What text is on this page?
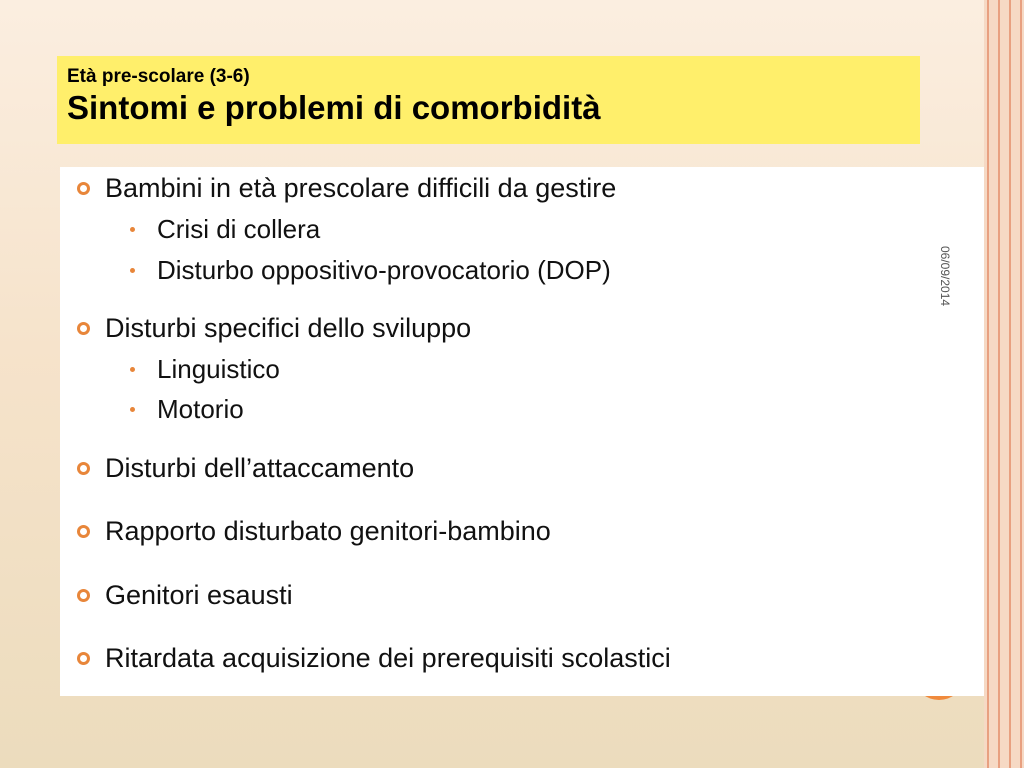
Età pre-scolare (3-6)
Sintomi e problemi di comorbidità
Bambini in età prescolare difficili da gestire
Crisi di collera
Disturbo oppositivo-provocatorio (DOP)
Disturbi specifici dello sviluppo
Linguistico
Motorio
Disturbi dell’attaccamento
Rapporto disturbato genitori-bambino
Genitori esausti
Ritardata acquisizione dei prerequisiti scolastici
06/09/2014
